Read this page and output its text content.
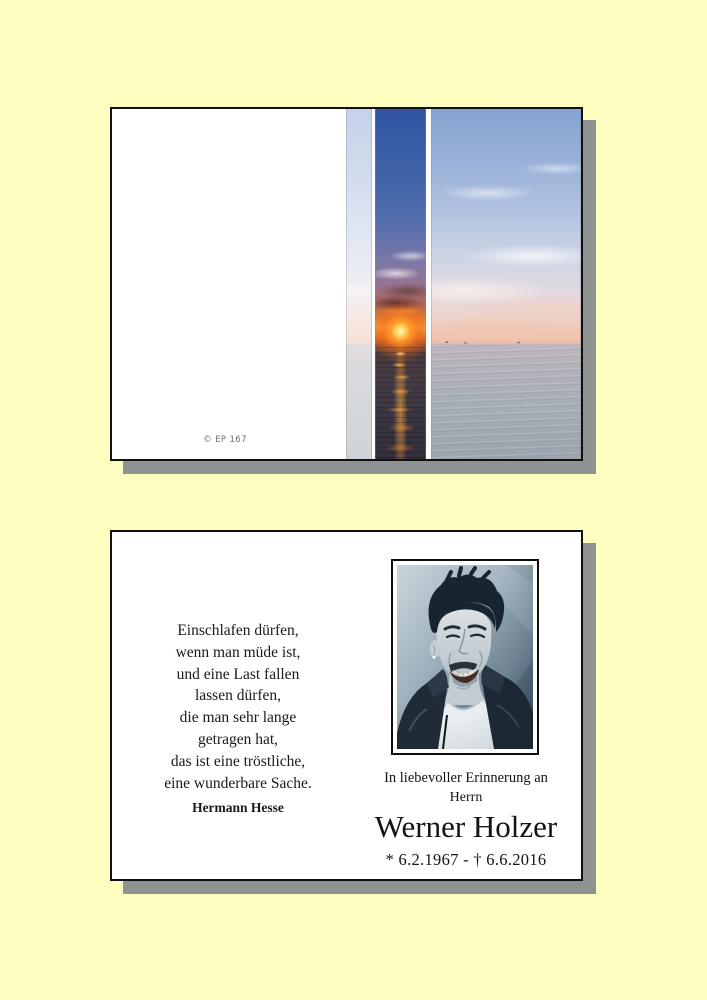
© EP 167
Einschlafen dürfen,
wenn man müde ist,
und eine Last fallen
lassen dürfen,
die man sehr lange
getragen hat,
das ist eine tröstliche,
eine wunderbare Sache.
Hermann Hesse
In liebevoller Erinnerung an
Herrn
Werner Holzer
* 6.2.1967 - † 6.6.2016
